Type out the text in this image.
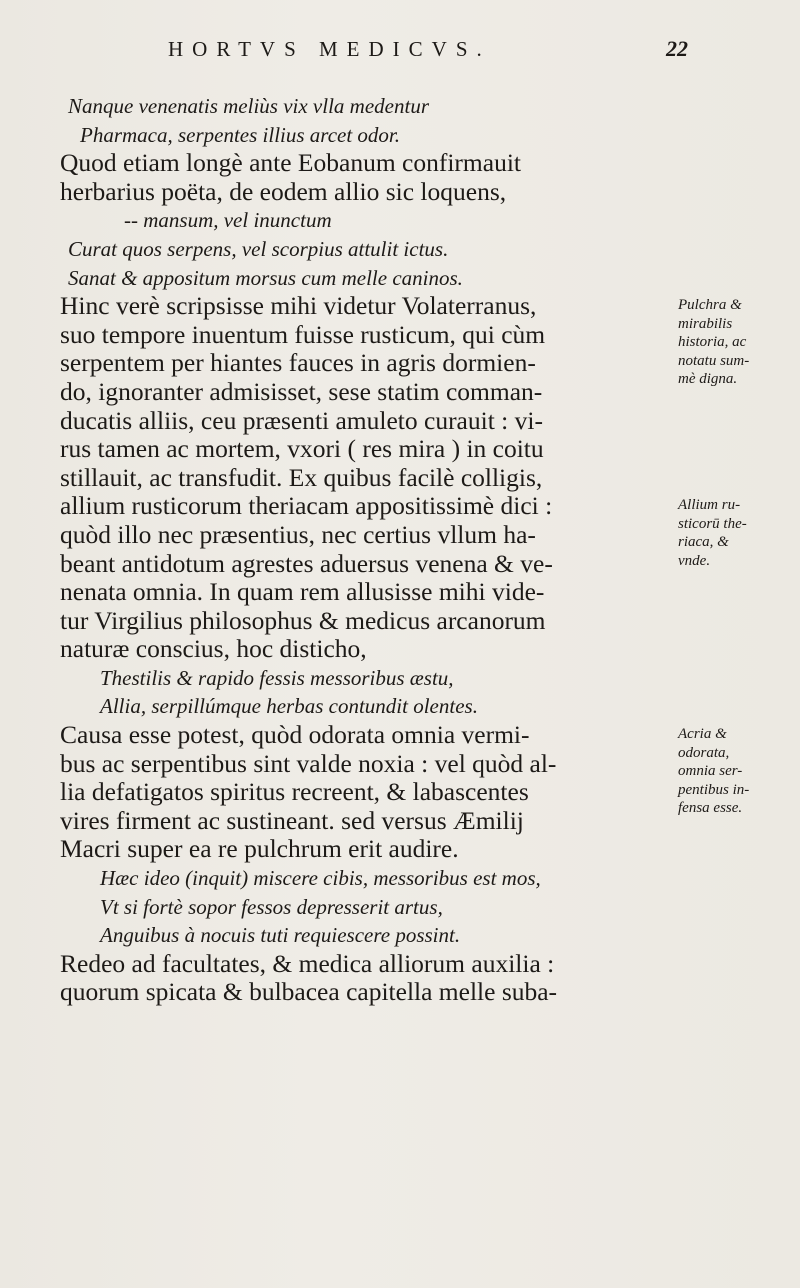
HORTVS MEDICVS.	22
Nanque venenatis meliùs vix vlla medentur
Pharmaca, serpentes illius arcet odor.
Quod etiam longè ante Eobanum confirmauit
herbarius poëta, de eodem allio sic loquens,
-- mansum, vel inunctum
Curat quos serpens, vel scorpius attulit ictus.
Sanat & appositum morsus cum melle caninos.
Hinc verè scripsisse mihi videtur Volaterranus,
suo tempore inuentum fuisse rusticum, qui cùm
serpentem per hiantes fauces in agris dormien-
do, ignoranter admisisset, sese statim comman-
ducatis alliis, ceu præsenti amuleto curauit : vi-
rus tamen ac mortem, vxori ( res mira ) in coitu
stillauit, ac transfudit. Ex quibus facilè colligis,
allium rusticorum theriacam appositissimè dici :
quòd illo nec præsentius, nec certius vllum ha-
beant antidotum agrestes aduersus venena & ve-
nenata omnia. In quam rem allusisse mihi vide-
tur Virgilius philosophus & medicus arcanorum
naturæ conscius, hoc disticho,
Thestilis & rapido fessis messoribus æstu,
Allia, serpillúmque herbas contundit olentes.
Causa esse potest, quòd odorata omnia vermi-
bus ac serpentibus sint valde noxia : vel quòd al-
lia defatigatos spiritus recreent, & labascentes
vires firment ac sustineant. sed versus Æmilij
Macri super ea re pulchrum erit audire.
Hæc ideo (inquit) miscere cibis, messoribus est mos,
Vt si fortè sopor fessos depresserit artus,
Anguibus à nocuis tuti requiescere possint.
Redeo ad facultates, & medica alliorum auxilia :
quorum spicata & bulbacea capitella melle suba-
Pulchra &
mirabilis
historia, ac
notatu sum-
mè digna.
Allium ru-
sticorū the-
riaca, &
vnde.
Acria &
odorata,
omnia ser-
pentibus in-
fensa esse.
